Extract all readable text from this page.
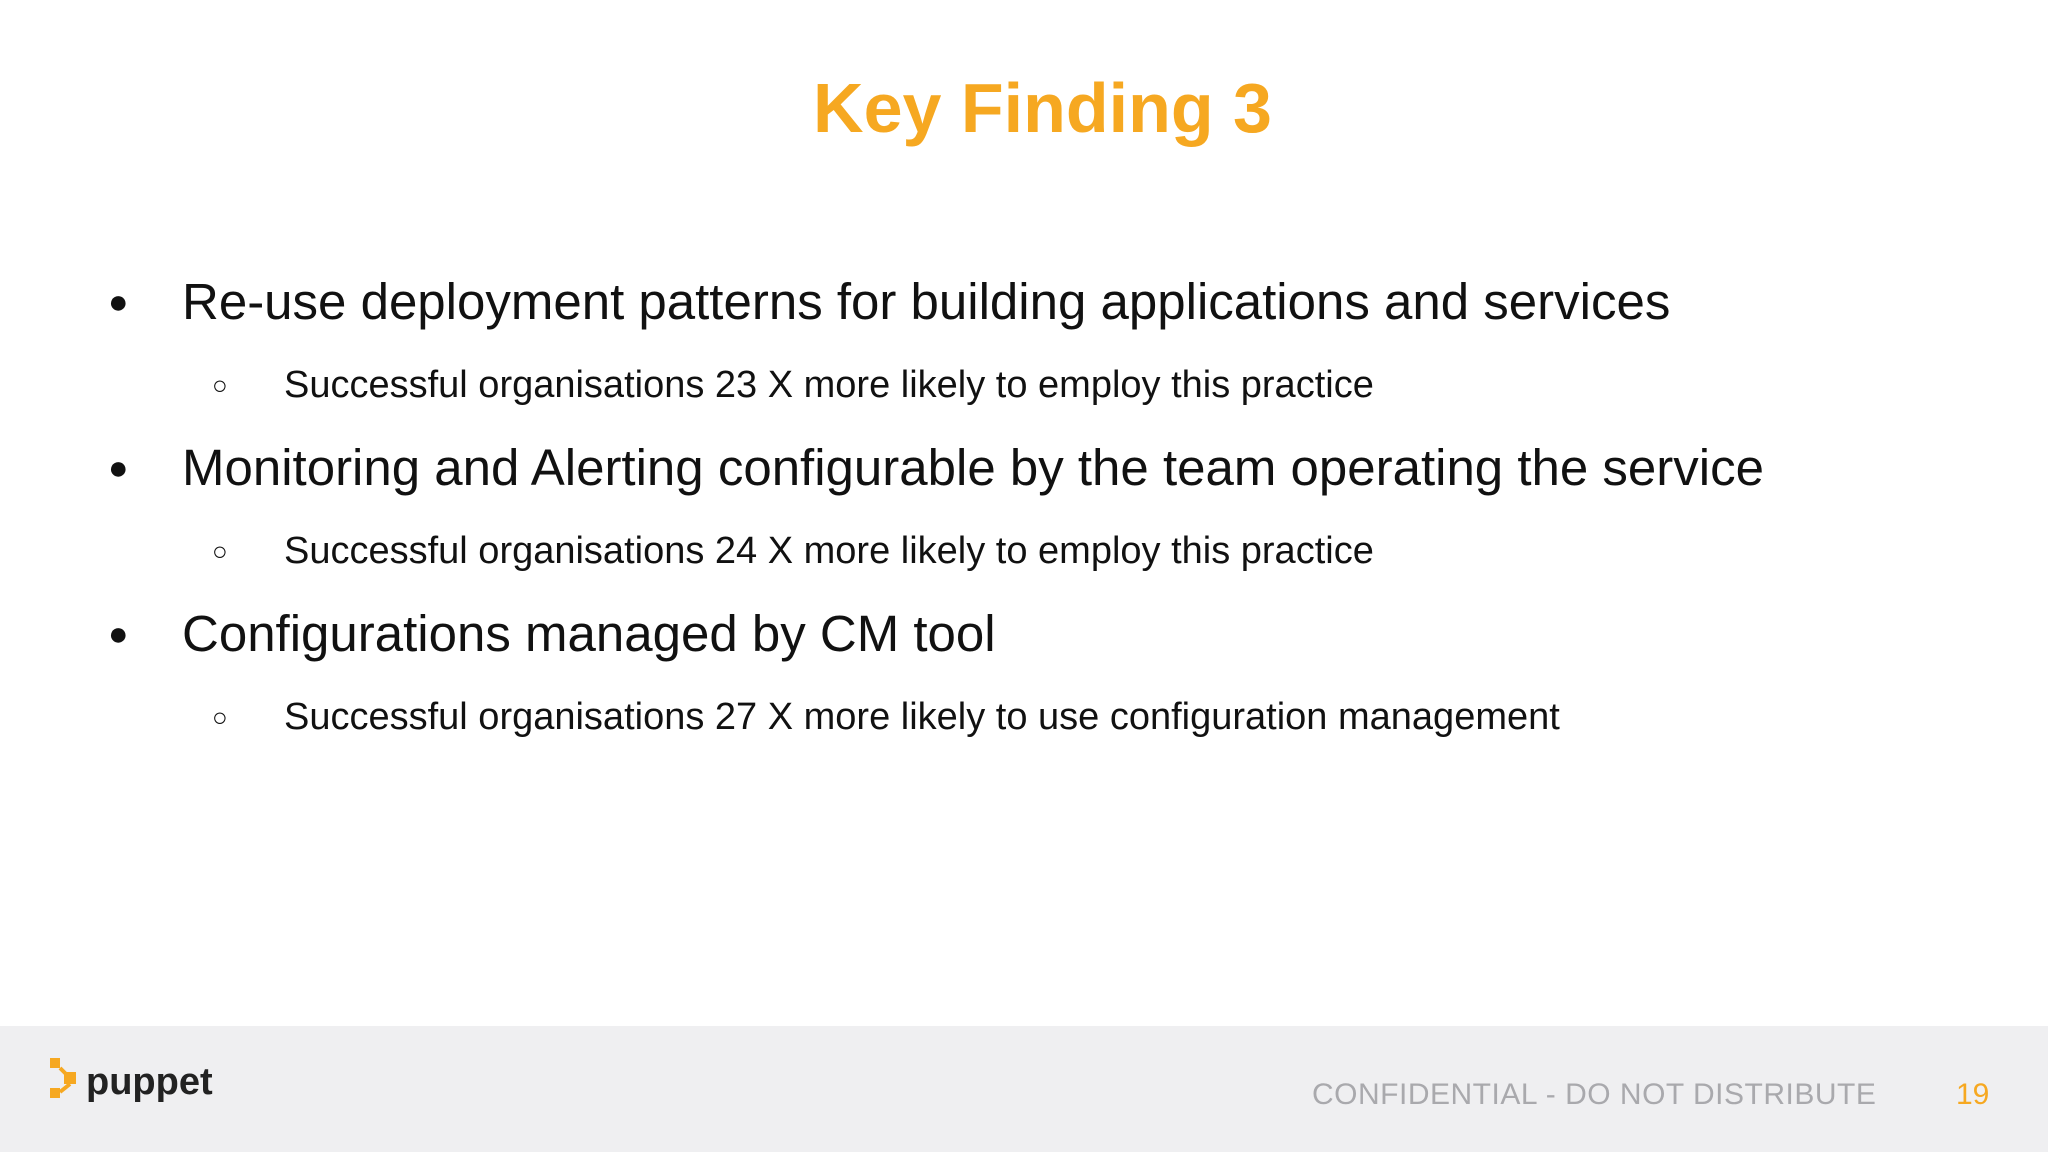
Key Finding 3
●	Re-use deployment patterns for building applications and services
○	Successful organisations 23 X more likely to employ this practice
●	Monitoring and Alerting configurable by the team operating the service
○	Successful organisations 24 X more likely to employ this practice
●	Configurations managed by CM tool
○	Successful organisations 27 X more likely to use configuration management
puppet	CONFIDENTIAL - DO NOT DISTRIBUTE	19
